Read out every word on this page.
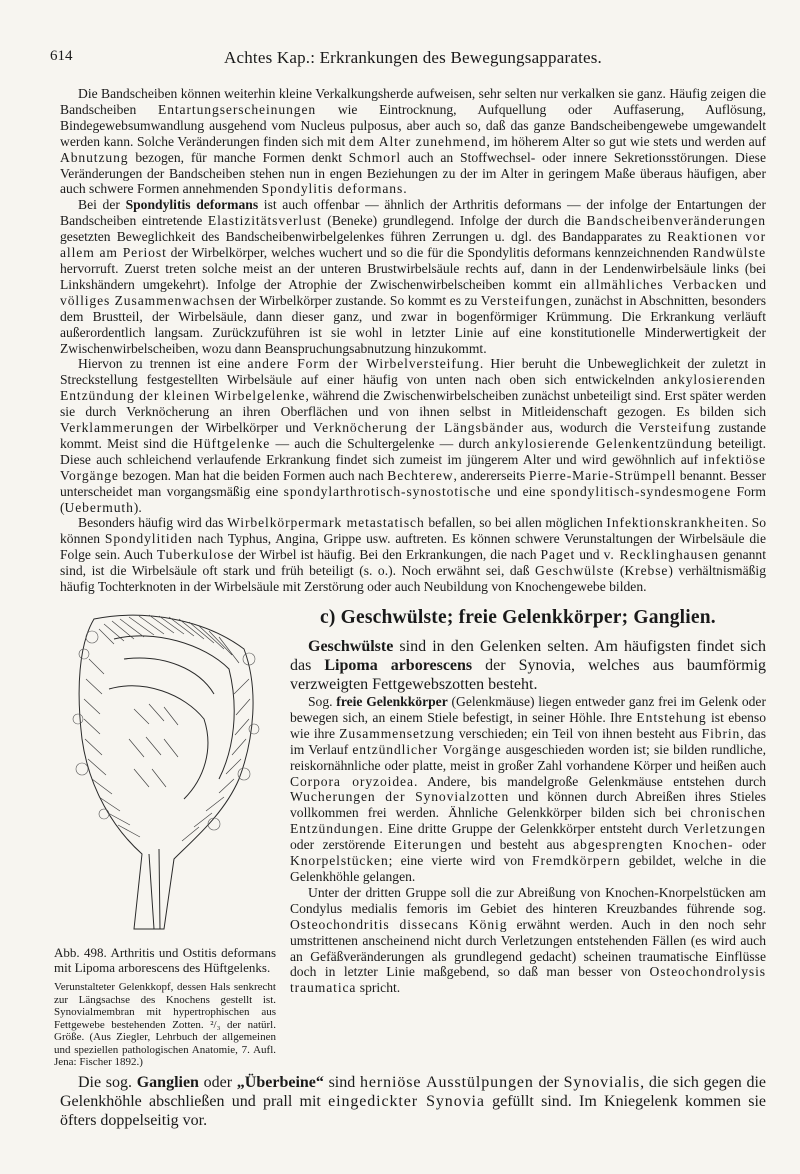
614	Achtes Kap.: Erkrankungen des Bewegungsapparates.

Die Bandscheiben können weiterhin kleine Verkalkungsherde aufweisen, sehr selten nur verkalken sie ganz. Häufig zeigen die Bandscheiben Entartungserscheinungen wie Eintrocknung, Aufquellung oder Auffaserung, Auflösung, Bindegewebsumwandlung ausgehend vom Nucleus pulposus, aber auch so, daß das ganze Bandscheibengewebe umgewandelt werden kann. Solche Veränderungen finden sich mit dem Alter zunehmend, im höherem Alter so gut wie stets und werden auf Abnutzung bezogen, für manche Formen denkt Schmorl auch an Stoffwechsel- oder innere Sekretionsstörungen. Diese Veränderungen der Bandscheiben stehen nun in engen Beziehungen zu der im Alter in geringem Maße überaus häufigen, aber auch schwere Formen annehmenden Spondylitis deformans.

Bei der Spondylitis deformans ist auch offenbar — ähnlich der Arthritis deformans — der infolge der Entartungen der Bandscheiben eintretende Elastizitätsverlust (Beneke) grundlegend. Infolge der durch die Bandscheibenveränderungen gesetzten Beweglichkeit des Bandscheibenwirbelgelenkes führen Zerrungen u. dgl. des Bandapparates zu Reaktionen vor allem am Periost der Wirbelkörper, welches wuchert und so die für die Spondylitis deformans kennzeichnenden Randwülste hervorruft. Zuerst treten solche meist an der unteren Brustwirbelsäule rechts auf, dann in der Lendenwirbelsäule links (bei Linkshändern umgekehrt). Infolge der Atrophie der Zwischenwirbelscheiben kommt ein allmähliches Verbacken und völliges Zusammenwachsen der Wirbelkörper zustande. So kommt es zu Versteifungen, zunächst in Abschnitten, besonders dem Brustteil, der Wirbelsäule, dann dieser ganz, und zwar in bogenförmiger Krümmung. Die Erkrankung verläuft außerordentlich langsam. Zurückzuführen ist sie wohl in letzter Linie auf eine konstitutionelle Minderwertigkeit der Zwischenwirbelscheiben, wozu dann Beanspruchungsabnutzung hinzukommt.

Hiervon zu trennen ist eine andere Form der Wirbelversteifung. Hier beruht die Unbeweglichkeit der zuletzt in Streckstellung festgestellten Wirbelsäule auf einer häufig von unten nach oben sich entwickelnden ankylosierenden Entzündung der kleinen Wirbelgelenke, während die Zwischenwirbelscheiben zunächst unbeteiligt sind. Erst später werden sie durch Verknöcherung an ihren Oberflächen und von ihnen selbst in Mitleidenschaft gezogen. Es bilden sich Verklammerungen der Wirbelkörper und Verknöcherung der Längsbänder aus, wodurch die Versteifung zustande kommt. Meist sind die Hüftgelenke — auch die Schultergelenke — durch ankylosierende Gelenkentzündung beteiligt. Diese auch schleichend verlaufende Erkrankung findet sich zumeist im jüngerem Alter und wird gewöhnlich auf infektiöse Vorgänge bezogen. Man hat die beiden Formen auch nach Bechterew, andererseits Pierre-Marie-Strümpell benannt. Besser unterscheidet man vorgangsmäßig eine spondylarthrotisch-synostotische und eine spondylitisch-syndesmogene Form (Uebermuth).

Besonders häufig wird das Wirbelkörpermark metastatisch befallen, so bei allen möglichen Infektionskrankheiten. So können Spondylitiden nach Typhus, Angina, Grippe usw. auftreten. Es können schwere Verunstaltungen der Wirbelsäule die Folge sein. Auch Tuberkulose der Wirbel ist häufig. Bei den Erkrankungen, die nach Paget und v. Recklinghausen genannt sind, ist die Wirbelsäule oft stark und früh beteiligt (s. o.). Noch erwähnt sei, daß Geschwülste (Krebse) verhältnismäßig häufig Tochterknoten in der Wirbelsäule mit Zerstörung oder auch Neubildung von Knochengewebe bilden.

Abb. 498. Arthritis und Ostitis deformans mit Lipoma arborescens des Hüftgelenks.
Verunstalteter Gelenkkopf, dessen Hals senkrecht zur Längsachse des Knochens gestellt ist. Synovialmembran mit hypertrophischen aus Fettgewebe bestehenden Zotten. ²/₃ der natürl. Größe. (Aus Ziegler, Lehrbuch der allgemeinen und speziellen pathologischen Anatomie, 7. Aufl. Jena: Fischer 1892.)
c) Geschwülste; freie Gelenkkörper; Ganglien.

Geschwülste sind in den Gelenken selten. Am häufigsten findet sich das Lipoma arborescens der Synovia, welches aus baumförmig verzweigten Fettgewebszotten besteht.

Sog. freie Gelenkkörper (Gelenkmäuse) liegen entweder ganz frei im Gelenk oder bewegen sich, an einem Stiele befestigt, in seiner Höhle. Ihre Entstehung ist ebenso wie ihre Zusammensetzung verschieden; ein Teil von ihnen besteht aus Fibrin, das im Verlauf entzündlicher Vorgänge ausgeschieden worden ist; sie bilden rundliche, reiskornähnliche oder platte, meist in großer Zahl vorhandene Körper und heißen auch Corpora oryzoidea. Andere, bis mandelgroße Gelenkmäuse entstehen durch Wucherungen der Synovialzotten und können durch Abreißen ihres Stieles vollkommen frei werden. Ähnliche Gelenkkörper bilden sich bei chronischen Entzündungen. Eine dritte Gruppe der Gelenkkörper entsteht durch Verletzungen oder zerstörende Eiterungen und besteht aus abgesprengten Knochen- oder Knorpelstücken; eine vierte wird von Fremdkörpern gebildet, welche in die Gelenkhöhle gelangen.

Unter der dritten Gruppe soll die zur Abreißung von Knochen-Knorpelstücken am Condylus medialis femoris im Gebiet des hinteren Kreuzbandes führende sog. Osteochondritis dissecans König erwähnt werden. Auch in den noch sehr umstrittenen anscheinend nicht durch Verletzungen entstehenden Fällen (es wird auch an Gefäßveränderungen als grundlegend gedacht) scheinen traumatische Einflüsse doch in letzter Linie maßgebend, so daß man besser von Osteochondrolysis traumatica spricht.

Die sog. Ganglien oder „Überbeine“ sind herniöse Ausstülpungen der Synovialis, die sich gegen die Gelenkhöhle abschließen und prall mit eingedickter Synovia gefüllt sind. Im Kniegelenk kommen sie öfters doppelseitig vor.
